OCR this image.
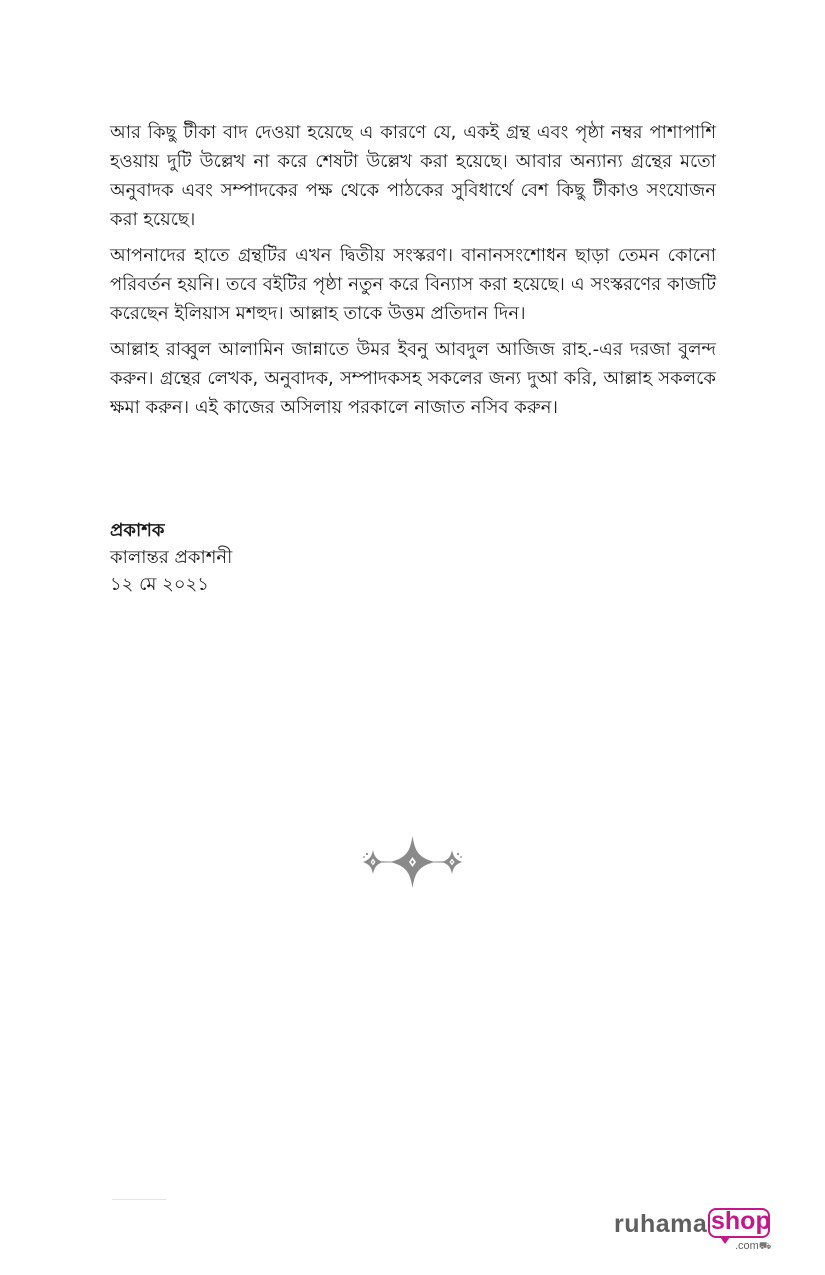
আর কিছু টীকা বাদ দেওয়া হয়েছে এ কারণে যে, একই গ্রন্থ এবং পৃষ্ঠা নম্বর পাশাপাশি হওয়ায় দুটি উল্লেখ না করে শেষটা উল্লেখ করা হয়েছে। আবার অন্যান্য গ্রন্থের মতো অনুবাদক এবং সম্পাদকের পক্ষ থেকে পাঠকের সুবিধার্থে বেশ কিছু টীকাও সংযোজন করা হয়েছে।

আপনাদের হাতে গ্রন্থটির এখন দ্বিতীয় সংস্করণ। বানানসংশোধন ছাড়া তেমন কোনো পরিবর্তন হয়নি। তবে বইটির পৃষ্ঠা নতুন করে বিন্যাস করা হয়েছে। এ সংস্করণের কাজটি করেছেন ইলিয়াস মশহুদ। আল্লাহ তাকে উত্তম প্রতিদান দিন।

আল্লাহ রাব্বুল আলামিন জান্নাতে উমর ইবনু আবদুল আজিজ রাহ.-এর দরজা বুলন্দ করুন। গ্রন্থের লেখক, অনুবাদক, সম্পাদকসহ সকলের জন্য দুআ করি, আল্লাহ সকলকে ক্ষমা করুন। এই কাজের অসিলায় পরকালে নাজাত নসিব করুন।

প্রকাশক
কালান্তর প্রকাশনী
১২ মে ২০২১
ruhama shop
.com⛟
